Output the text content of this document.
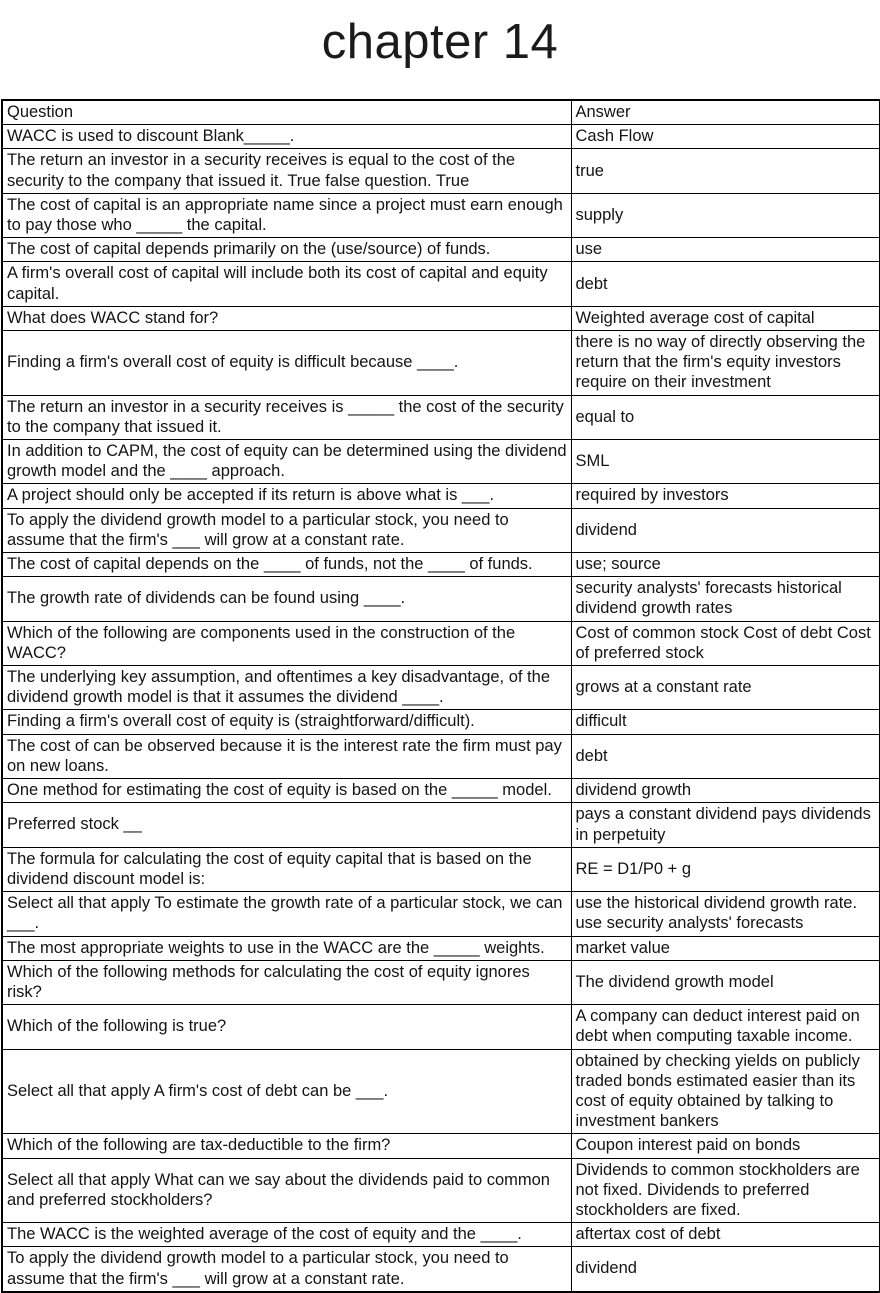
chapter 14
Question	Answer
WACC is used to discount Blank_____.	Cash Flow
The return an investor in a security receives is equal to the cost of the security to the company that issued it. True false question. True	true
The cost of capital is an appropriate name since a project must earn enough to pay those who _____ the capital.	supply
The cost of capital depends primarily on the (use/source) of funds.	use
A firm's overall cost of capital will include both its cost of capital and equity capital.	debt
What does WACC stand for?	Weighted average cost of capital
Finding a firm's overall cost of equity is difficult because ____.	there is no way of directly observing the return that the firm's equity investors require on their investment
The return an investor in a security receives is _____ the cost of the security to the company that issued it.	equal to
In addition to CAPM, the cost of equity can be determined using the dividend growth model and the ____ approach.	SML
A project should only be accepted if its return is above what is ___.	required by investors
To apply the dividend growth model to a particular stock, you need to assume that the firm's ___ will grow at a constant rate.	dividend
The cost of capital depends on the ____ of funds, not the ____ of funds.	use; source
The growth rate of dividends can be found using ____.	security analysts' forecasts historical dividend growth rates
Which of the following are components used in the construction of the WACC?	Cost of common stock Cost of debt Cost of preferred stock
The underlying key assumption, and oftentimes a key disadvantage, of the dividend growth model is that it assumes the dividend ____.	grows at a constant rate
Finding a firm's overall cost of equity is (straightforward/difficult).	difficult
The cost of can be observed because it is the interest rate the firm must pay on new loans.	debt
One method for estimating the cost of equity is based on the _____ model.	dividend growth
Preferred stock __	pays a constant dividend pays dividends in perpetuity
The formula for calculating the cost of equity capital that is based on the dividend discount model is:	RE = D1/P0 + g
Select all that apply To estimate the growth rate of a particular stock, we can ___.	use the historical dividend growth rate. use security analysts' forecasts
The most appropriate weights to use in the WACC are the _____ weights.	market value
Which of the following methods for calculating the cost of equity ignores risk?	The dividend growth model
Which of the following is true?	A company can deduct interest paid on debt when computing taxable income.
Select all that apply A firm's cost of debt can be ___.	obtained by checking yields on publicly traded bonds estimated easier than its cost of equity obtained by talking to investment bankers
Which of the following are tax-deductible to the firm?	Coupon interest paid on bonds
Select all that apply What can we say about the dividends paid to common and preferred stockholders?	Dividends to common stockholders are not fixed. Dividends to preferred stockholders are fixed.
The WACC is the weighted average of the cost of equity and the ____.	aftertax cost of debt
To apply the dividend growth model to a particular stock, you need to assume that the firm's ___ will grow at a constant rate.	dividend
